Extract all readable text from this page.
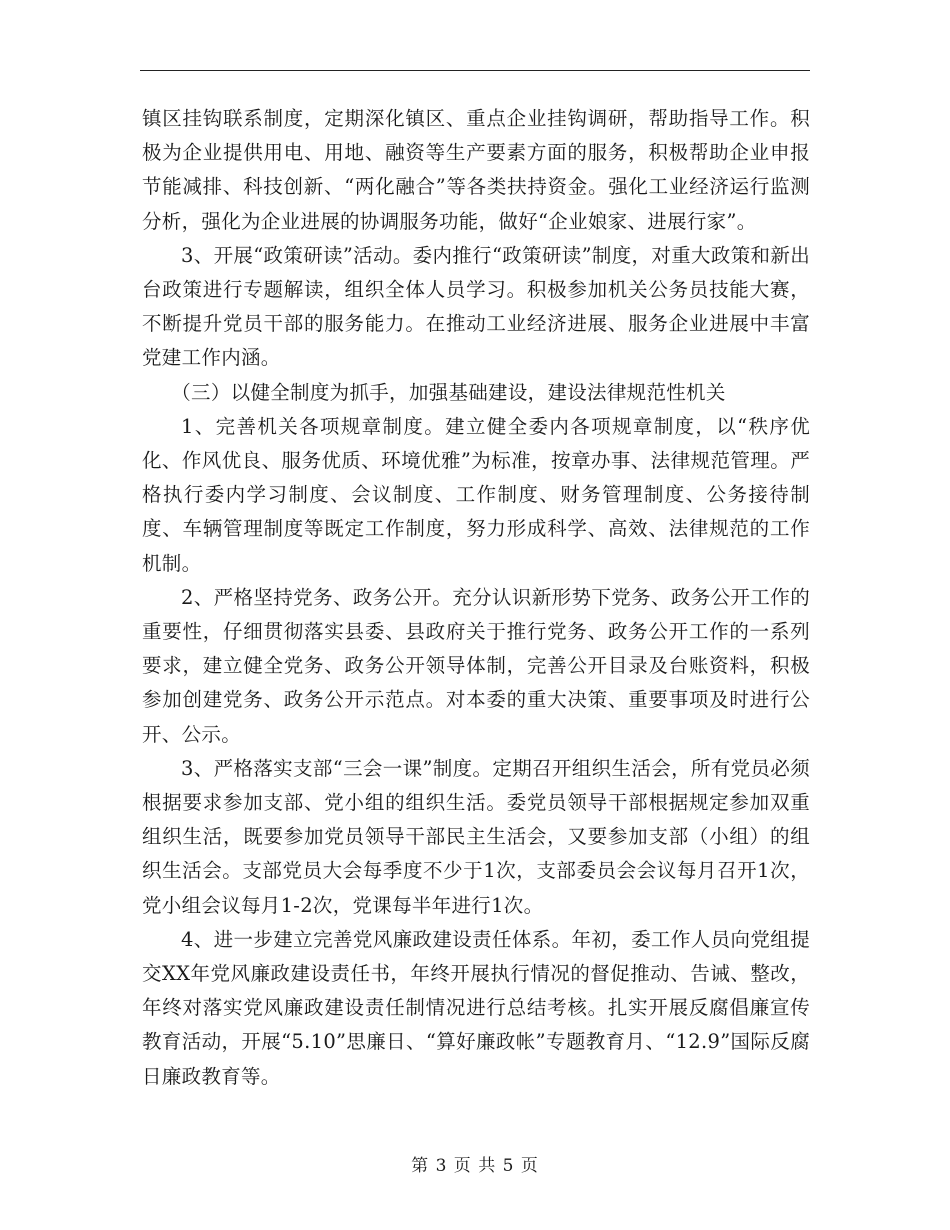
镇区挂钩联系制度，定期深化镇区、重点企业挂钩调研，帮助指导工作。积极为企业提供用电、用地、融资等生产要素方面的服务，积极帮助企业申报节能减排、科技创新、“两化融合”等各类扶持资金。强化工业经济运行监测分析，强化为企业进展的协调服务功能，做好“企业娘家、进展行家”。

3、开展“政策研读”活动。委内推行“政策研读”制度，对重大政策和新出台政策进行专题解读，组织全体人员学习。积极参加机关公务员技能大赛，不断提升党员干部的服务能力。在推动工业经济进展、服务企业进展中丰富党建工作内涵。

（三）以健全制度为抓手，加强基础建设，建设法律规范性机关

1、完善机关各项规章制度。建立健全委内各项规章制度，以“秩序优化、作风优良、服务优质、环境优雅”为标准，按章办事、法律规范管理。严格执行委内学习制度、会议制度、工作制度、财务管理制度、公务接待制度、车辆管理制度等既定工作制度，努力形成科学、高效、法律规范的工作机制。

2、严格坚持党务、政务公开。充分认识新形势下党务、政务公开工作的重要性，仔细贯彻落实县委、县政府关于推行党务、政务公开工作的一系列要求，建立健全党务、政务公开领导体制，完善公开目录及台账资料，积极参加创建党务、政务公开示范点。对本委的重大决策、重要事项及时进行公开、公示。

3、严格落实支部“三会一课”制度。定期召开组织生活会，所有党员必须根据要求参加支部、党小组的组织生活。委党员领导干部根据规定参加双重组织生活，既要参加党员领导干部民主生活会，又要参加支部（小组）的组织生活会。支部党员大会每季度不少于1次，支部委员会会议每月召开1次，党小组会议每月1-2次，党课每半年进行1次。

4、进一步建立完善党风廉政建设责任体系。年初，委工作人员向党组提交XX年党风廉政建设责任书，年终开展执行情况的督促推动、告诫、整改，年终对落实党风廉政建设责任制情况进行总结考核。扎实开展反腐倡廉宣传教育活动，开展“5.10”思廉日、“算好廉政帐”专题教育月、“12.9”国际反腐日廉政教育等。

第 3 页 共 5 页
